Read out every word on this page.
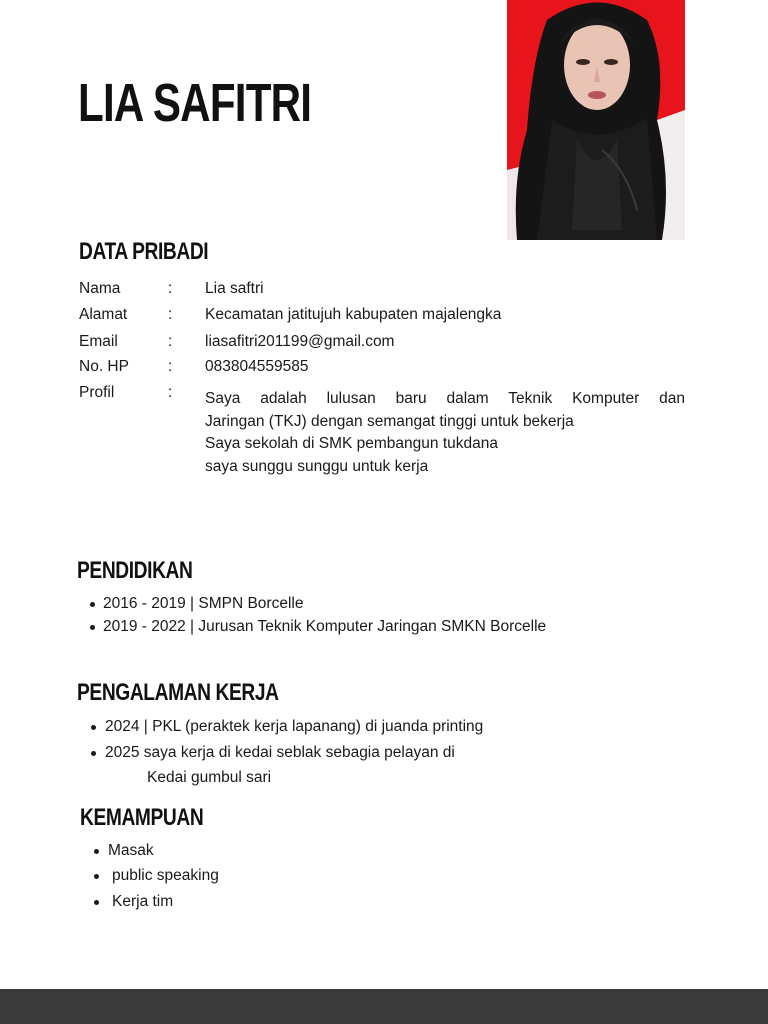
LIA SAFITRI
DATA PRIBADI
Nama	: Lia saftri
Alamat	: Kecamatan jatitujuh kabupaten majalengka
Email	: liasafitri201199@gmail.com
No. HP	: 083804559585
Profil	: Saya adalah lulusan baru dalam Teknik Komputer dan
Jaringan (TKJ) dengan semangat tinggi untuk bekerja
Saya sekolah di SMK pembangun tukdana
saya sunggu sunggu untuk kerja
PENDIDIKAN
2016 - 2019 | SMPN Borcelle
2019 - 2022 | Jurusan Teknik Komputer Jaringan SMKN Borcelle
PENGALAMAN KERJA
2024 | PKL (peraktek kerja lapanang) di juanda printing
2025 saya kerja di kedai seblak sebagia pelayan di
Kedai gumbul sari
KEMAMPUAN
Masak
public speaking
Kerja tim
